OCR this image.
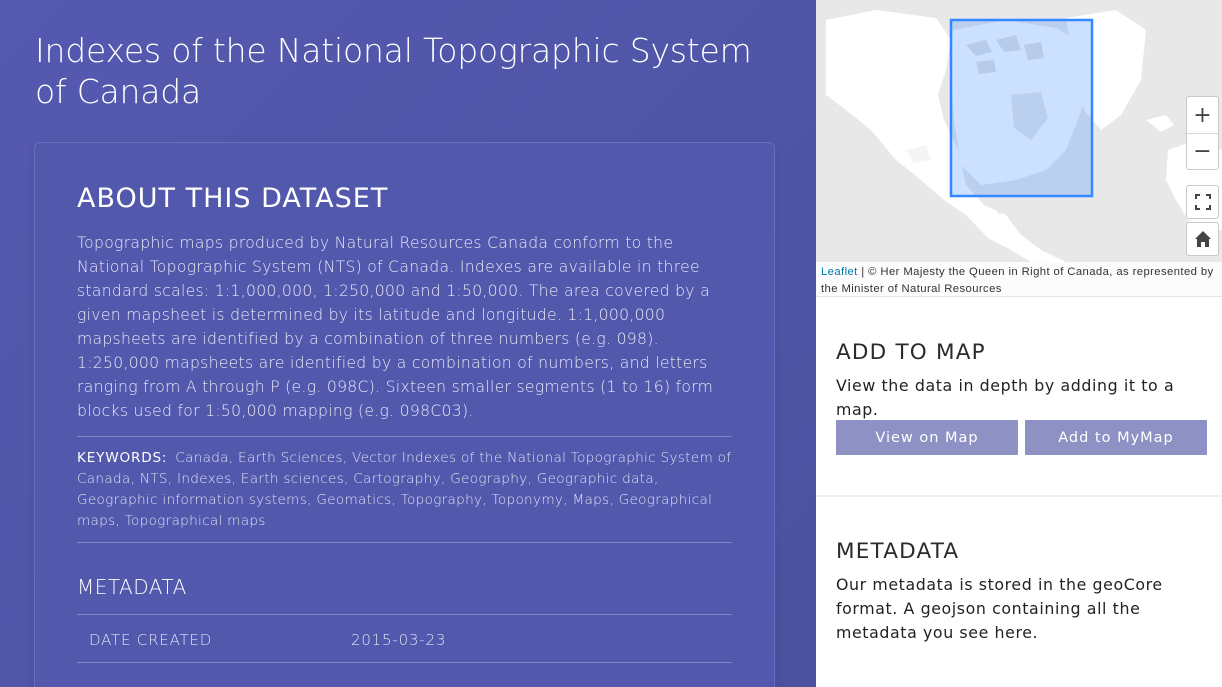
Indexes of the National Topographic System of Canada
ABOUT THIS DATASET

Topographic maps produced by Natural Resources Canada conform to the National Topographic System (NTS) of Canada. Indexes are available in three standard scales: 1:1,000,000, 1:250,000 and 1:50,000. The area covered by a given mapsheet is determined by its latitude and longitude. 1:1,000,000 mapsheets are identified by a combination of three numbers (e.g. 098). 1:250,000 mapsheets are identified by a combination of numbers, and letters ranging from A through P (e.g. 098C). Sixteen smaller segments (1 to 16) form blocks used for 1:50,000 mapping (e.g. 098C03).

KEYWORDS: Canada, Earth Sciences, Vector Indexes of the National Topographic System of Canada, NTS, Indexes, Earth sciences, Cartography, Geography, Geographic data, Geographic information systems, Geomatics, Topography, Toponymy, Maps, Geographical maps, Topographical maps

METADATA
DATE CREATED	2015-03-23
+
−
Leaflet | © Her Majesty the Queen in Right of Canada, as represented by the Minister of Natural Resources
ADD TO MAP

View the data in depth by adding it to a map.

View on Map	Add to MyMap
METADATA

Our metadata is stored in the geoCore format. A geojson containing all the metadata you see here.
